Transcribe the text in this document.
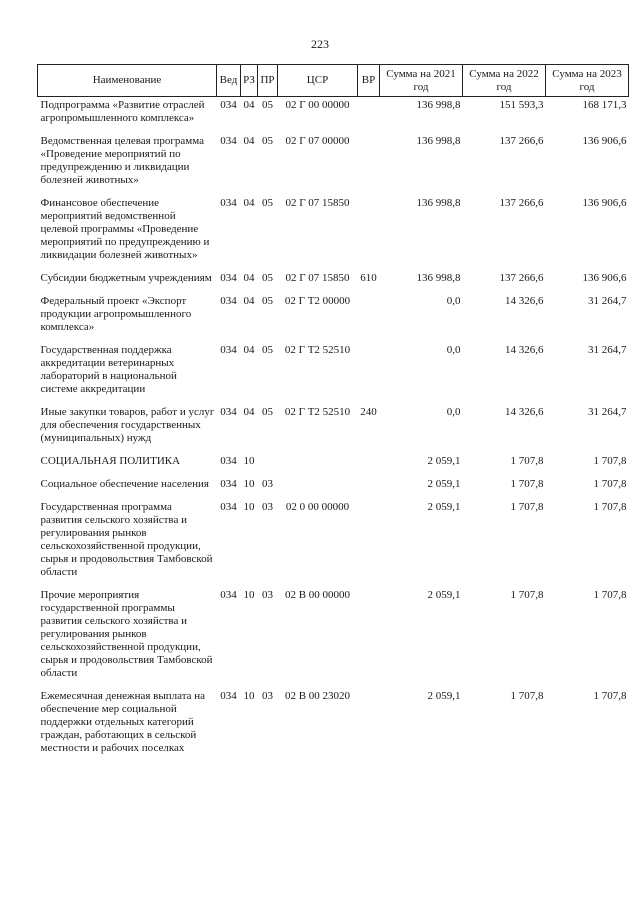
223
Наименование	Вед	РЗ	ПР	ЦСР	ВР	Сумма на 2021 год	Сумма на 2022 год	Сумма на 2023 год
Подпрограмма «Развитие отраслей агропромышленного комплекса»	034	04	05	02 Г 00 00000		136 998,8	151 593,3	168 171,3
Ведомственная целевая программа «Проведение мероприятий по предупреждению и ликвидации болезней животных»	034	04	05	02 Г 07 00000		136 998,8	137 266,6	136 906,6
Финансовое обеспечение мероприятий ведомственной целевой программы «Проведение мероприятий по предупреждению и ликвидации болезней животных»	034	04	05	02 Г 07 15850		136 998,8	137 266,6	136 906,6
Субсидии бюджетным учреждениям	034	04	05	02 Г 07 15850	610	136 998,8	137 266,6	136 906,6
Федеральный проект «Экспорт продукции агропромышленного комплекса»	034	04	05	02 Г Т2 00000		0,0	14 326,6	31 264,7
Государственная поддержка аккредитации ветеринарных лабораторий в национальной системе аккредитации	034	04	05	02 Г Т2 52510		0,0	14 326,6	31 264,7
Иные закупки товаров, работ и услуг для обеспечения государственных (муниципальных) нужд	034	04	05	02 Г Т2 52510	240	0,0	14 326,6	31 264,7
СОЦИАЛЬНАЯ ПОЛИТИКА	034	10				2 059,1	1 707,8	1 707,8
Социальное обеспечение населения	034	10	03			2 059,1	1 707,8	1 707,8
Государственная программа развития сельского хозяйства и регулирования рынков сельскохозяйственной продукции, сырья и продовольствия Тамбовской области	034	10	03	02 0 00 00000		2 059,1	1 707,8	1 707,8
Прочие мероприятия государственной программы развития сельского хозяйства и регулирования рынков сельскохозяйственной продукции, сырья и продовольствия Тамбовской области	034	10	03	02 В 00 00000		2 059,1	1 707,8	1 707,8
Ежемесячная денежная выплата на обеспечение мер социальной поддержки отдельных категорий граждан, работающих в сельской местности и рабочих поселках	034	10	03	02 В 00 23020		2 059,1	1 707,8	1 707,8
